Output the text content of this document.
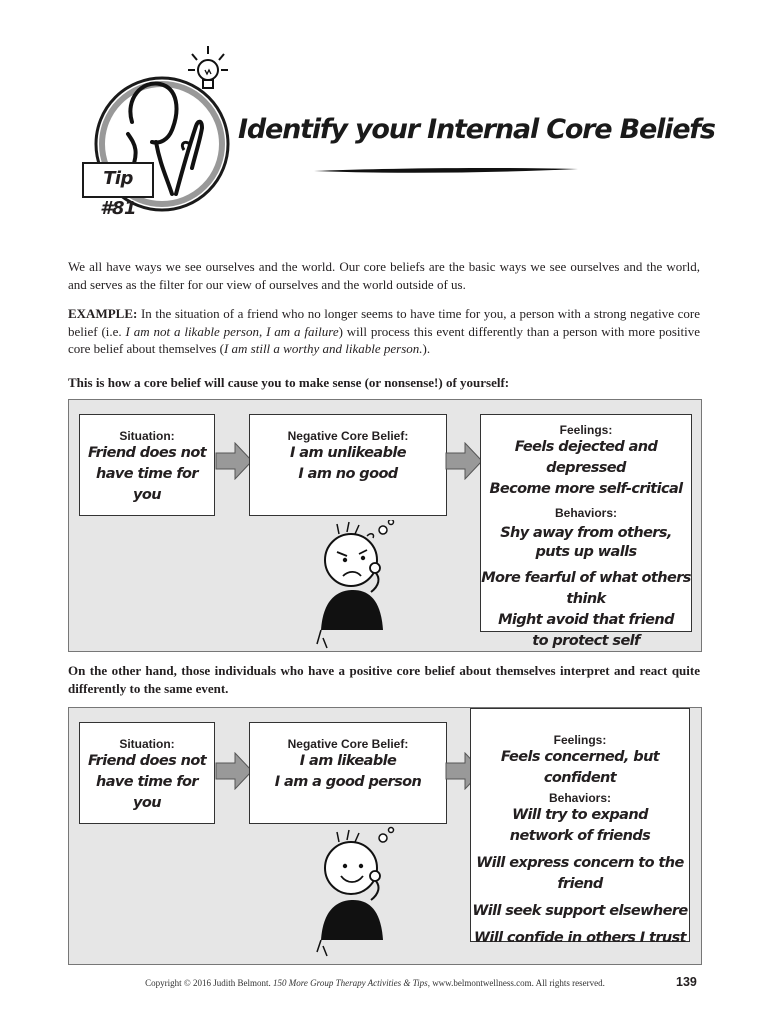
Tip #81
Identify your Internal Core Beliefs
We all have ways we see ourselves and the world. Our core beliefs are the basic ways we see ourselves and the world, and serves as the filter for our view of ourselves and the world outside of us.
EXAMPLE: In the situation of a friend who no longer seems to have time for you, a person with a strong negative core belief (i.e. I am not a likable person, I am a failure) will process this event differently than a person with more positive core belief about themselves (I am still a worthy and likable person.).
This is how a core belief will cause you to make sense (or nonsense!) of yourself:
Situation:
Friend does not
have time for you
Negative Core Belief:
I am unlikeable
I am no good
Feelings:
Feels dejected and depressed
Become more self-critical
Behaviors:
Shy away from others,
puts up walls
More fearful of what others think
Might avoid that friend
to protect self
On the other hand, those individuals who have a positive core belief about themselves interpret and react quite differently to the same event.
Situation:
Friend does not
have time for you
Negative Core Belief:
I am likeable
I am a good person
Feelings:
Feels concerned, but confident
Behaviors:
Will try to expand
network of friends
Will express concern to the friend
Will seek support elsewhere
Will confide in others I trust
Copyright © 2016 Judith Belmont. 150 More Group Therapy Activities & Tips, www.belmontwellness.com. All rights reserved.	139
